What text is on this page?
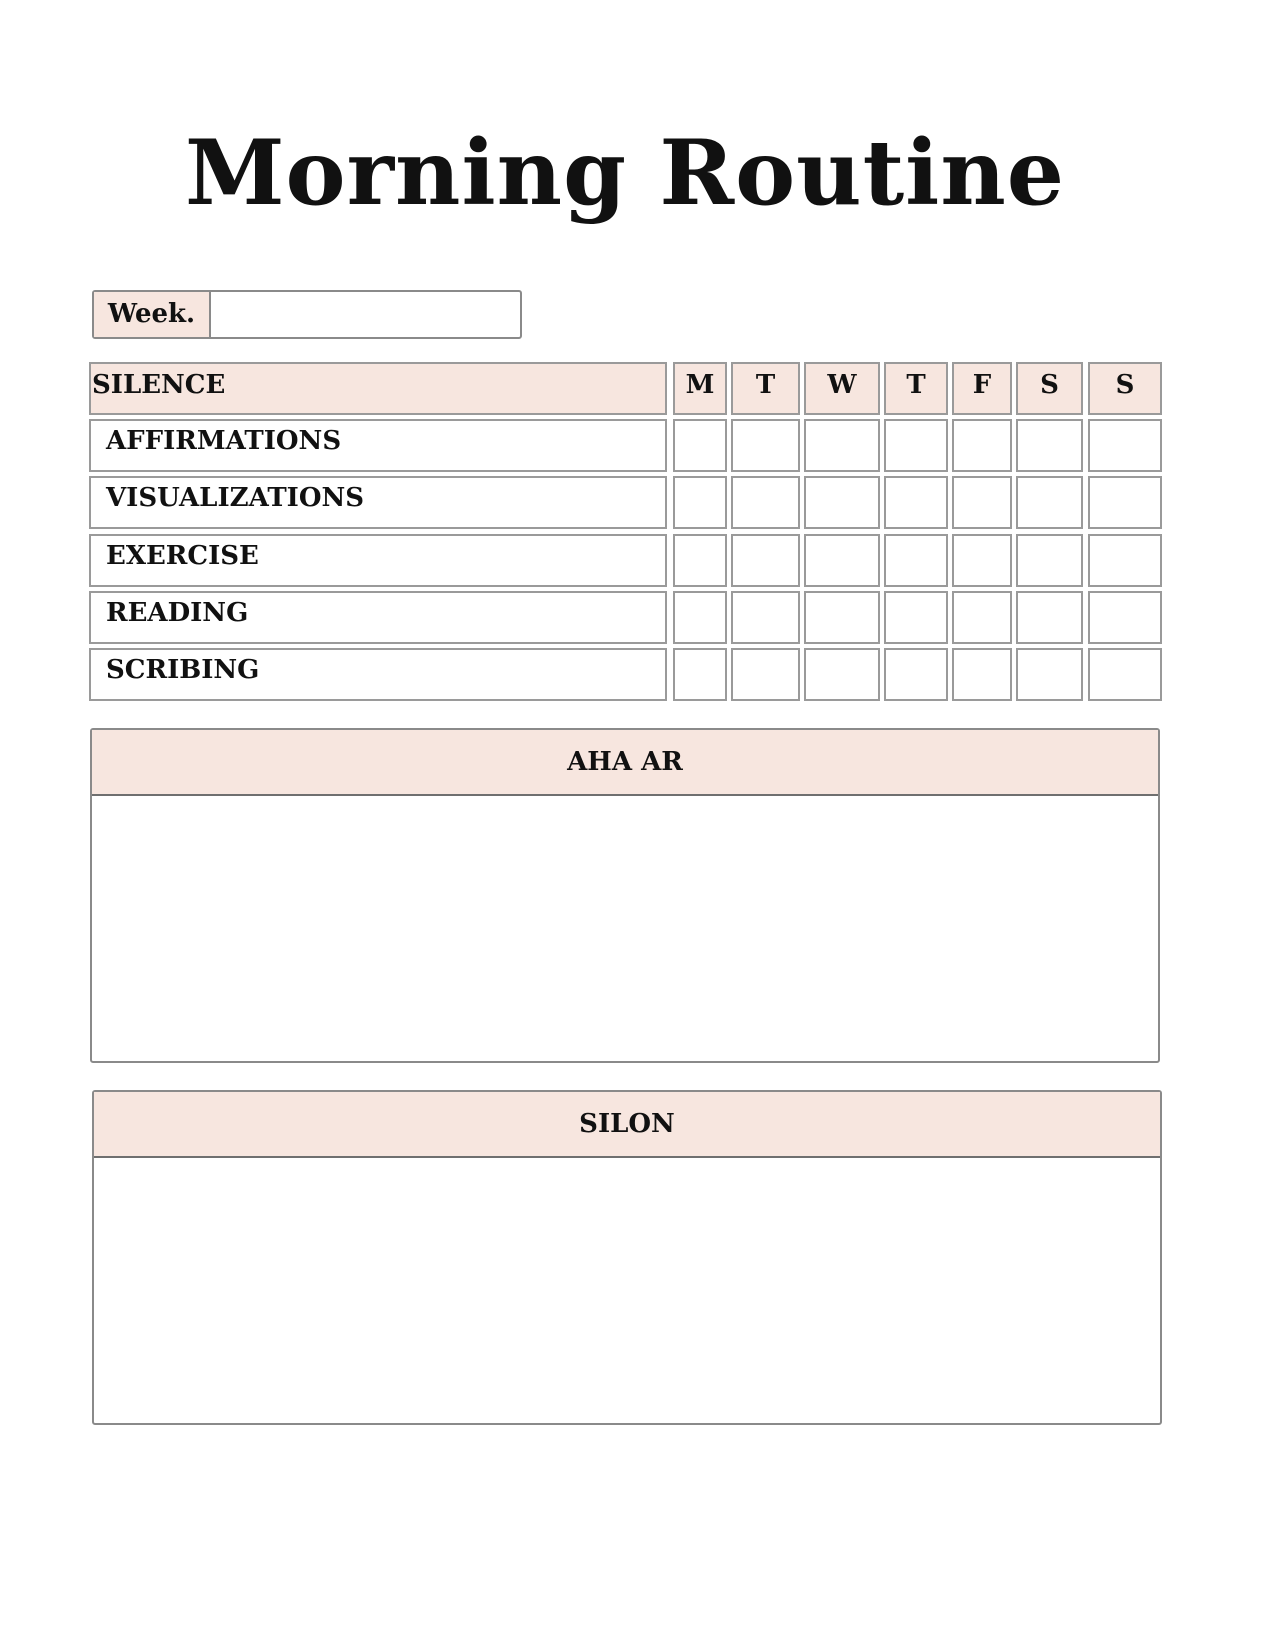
Morning Routine
Week.
SILENCE	M	T	W	T	F	S	S
AFFIRMATIONS
VISUALIZATIONS
EXERCISE
READING
SCRIBING
AHA AR
SILON
